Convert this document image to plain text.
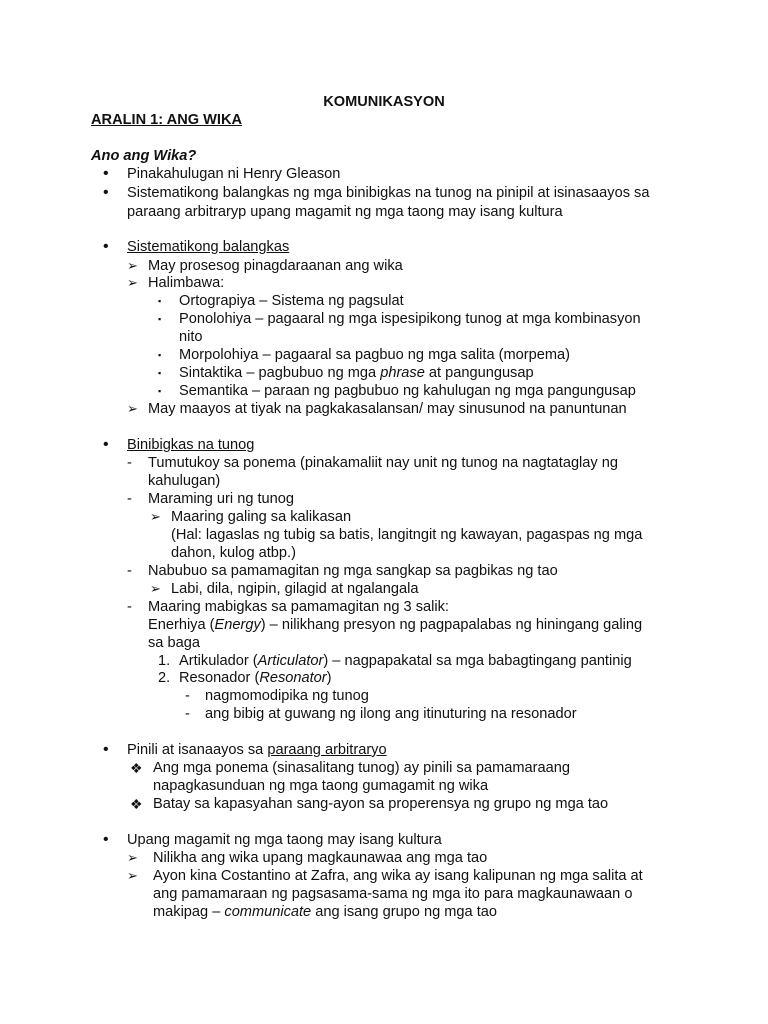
KOMUNIKASYON
ARALIN 1: ANG WIKA
Ano ang Wika?
• Pinakahulugan ni Henry Gleason
• Sistematikong balangkas ng mga binibigkas na tunog na pinipil at isinasaayos sa
paraang arbitraryp upang magamit ng mga taong may isang kultura
• Sistematikong balangkas
➢ May prosesog pinagdaraanan ang wika
➢ Halimbawa:
▪ Ortograpiya – Sistema ng pagsulat
▪ Ponolohiya – pagaaral ng mga ispesipikong tunog at mga kombinasyon
nito
▪ Morpolohiya – pagaaral sa pagbuo ng mga salita (morpema)
▪ Sintaktika – pagbubuo ng mga phrase at pangungusap
▪ Semantika – paraan ng pagbubuo ng kahulugan ng mga pangungusap
➢ May maayos at tiyak na pagkakasalansan/ may sinusunod na panuntunan
• Binibigkas na tunog
- Tumutukoy sa ponema (pinakamaliit nay unit ng tunog na nagtataglay ng
kahulugan)
- Maraming uri ng tunog
➢ Maaring galing sa kalikasan
(Hal: lagaslas ng tubig sa batis, langitngit ng kawayan, pagaspas ng mga
dahon, kulog atbp.)
- Nabubuo sa pamamagitan ng mga sangkap sa pagbikas ng tao
➢ Labi, dila, ngipin, gilagid at ngalangala
- Maaring mabigkas sa pamamagitan ng 3 salik:
Enerhiya (Energy) – nilikhang presyon ng pagpapalabas ng hiningang galing
sa baga
1. Artikulador (Articulator) – nagpapakatal sa mga babagtingang pantinig
2. Resonador (Resonator)
- nagmomodipika ng tunog
- ang bibig at guwang ng ilong ang itinuturing na resonador
• Pinili at isanaayos sa paraang arbitraryo
❖ Ang mga ponema (sinasalitang tunog) ay pinili sa pamamaraang
napagkasunduan ng mga taong gumagamit ng wika
❖ Batay sa kapasyahan sang-ayon sa properensya ng grupo ng mga tao
• Upang magamit ng mga taong may isang kultura
➢ Nilikha ang wika upang magkaunawaa ang mga tao
➢ Ayon kina Costantino at Zafra, ang wika ay isang kalipunan ng mga salita at
ang pamamaraan ng pagsasama-sama ng mga ito para magkaunawaan o
makipag – communicate ang isang grupo ng mga tao
